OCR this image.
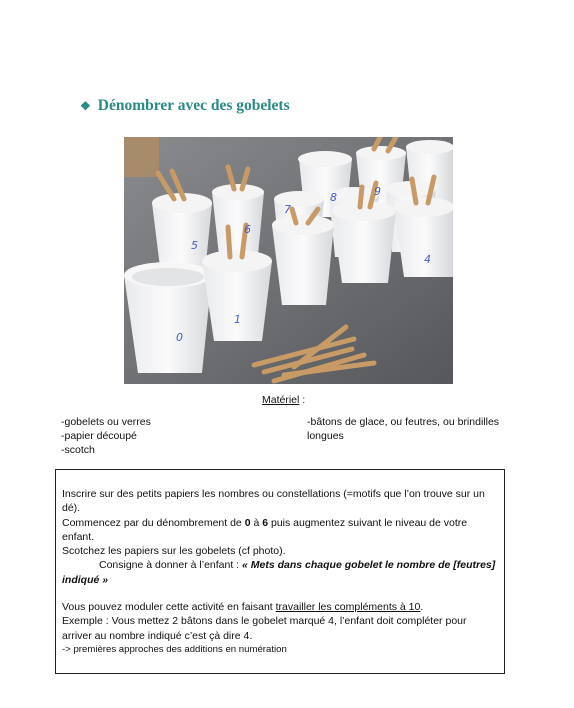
❖ Dénombrer avec des gobelets
5
6
7
8	9
4
0
1
Matériel :
-gobelets ou verres
-papier découpé
-scotch
-bâtons de glace, ou feutres, ou brindilles longues

Inscrire sur des petits papiers les nombres ou constellations (=motifs que l’on trouve sur un dé).

Commencez par du dénombrement de 0 à 6 puis augmentez suivant le niveau de votre enfant.

Scotchez les papiers sur les gobelets (cf photo).

Consigne à donner à l’enfant : « Mets dans chaque gobelet le nombre de [feutres] indiqué »

Vous pouvez moduler cette activité en faisant travailler les compléments à 10.

Exemple : Vous mettez 2 bâtons dans le gobelet marqué 4, l’enfant doit compléter pour arriver au nombre indiqué c’est çà dire 4.

-> premières approches des additions en numération
